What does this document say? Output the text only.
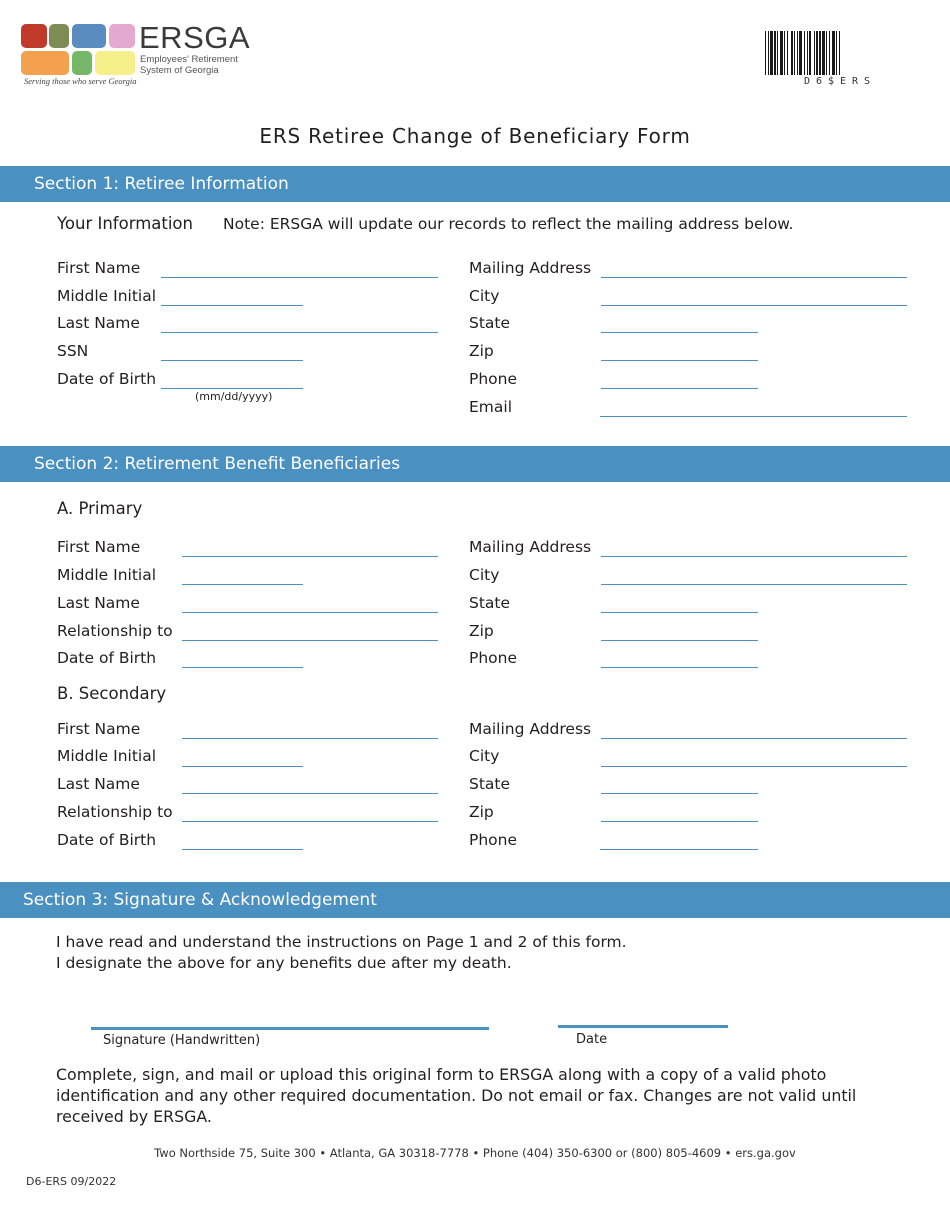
ERSGA
Employees' Retirement
System of Georgia
Serving those who serve Georgia	D6$ERS
ERS Retiree Change of Beneficiary Form
Section 1: Retiree Information
Your Information Note: ERSGA will update our records to reflect the mailing address below.
First Name
Middle Initial
Last Name
SSN
Date of Birth
(mm/dd/yyyy)
Mailing Address
City
State
Zip
Phone
Email
Section 2: Retirement Benefit Beneficiaries
A. Primary
First Name
Middle Initial
Last Name
Relationship to
Date of Birth
Mailing Address
City
State
Zip
Phone
B. Secondary
First Name
Middle Initial
Last Name
Relationship to
Date of Birth
Mailing Address
City
State
Zip
Phone
Section 3: Signature & Acknowledgement
I have read and understand the instructions on Page 1 and 2 of this form.
I designate the above for any benefits due after my death.
Signature (Handwritten)	Date
Complete, sign, and mail or upload this original form to ERSGA along with a copy of a valid photo identification and any other required documentation. Do not email or fax. Changes are not valid until received by ERSGA.
Two Northside 75, Suite 300 • Atlanta, GA 30318-7778 • Phone (404) 350-6300 or (800) 805-4609 • ers.ga.gov
D6-ERS 09/2022
